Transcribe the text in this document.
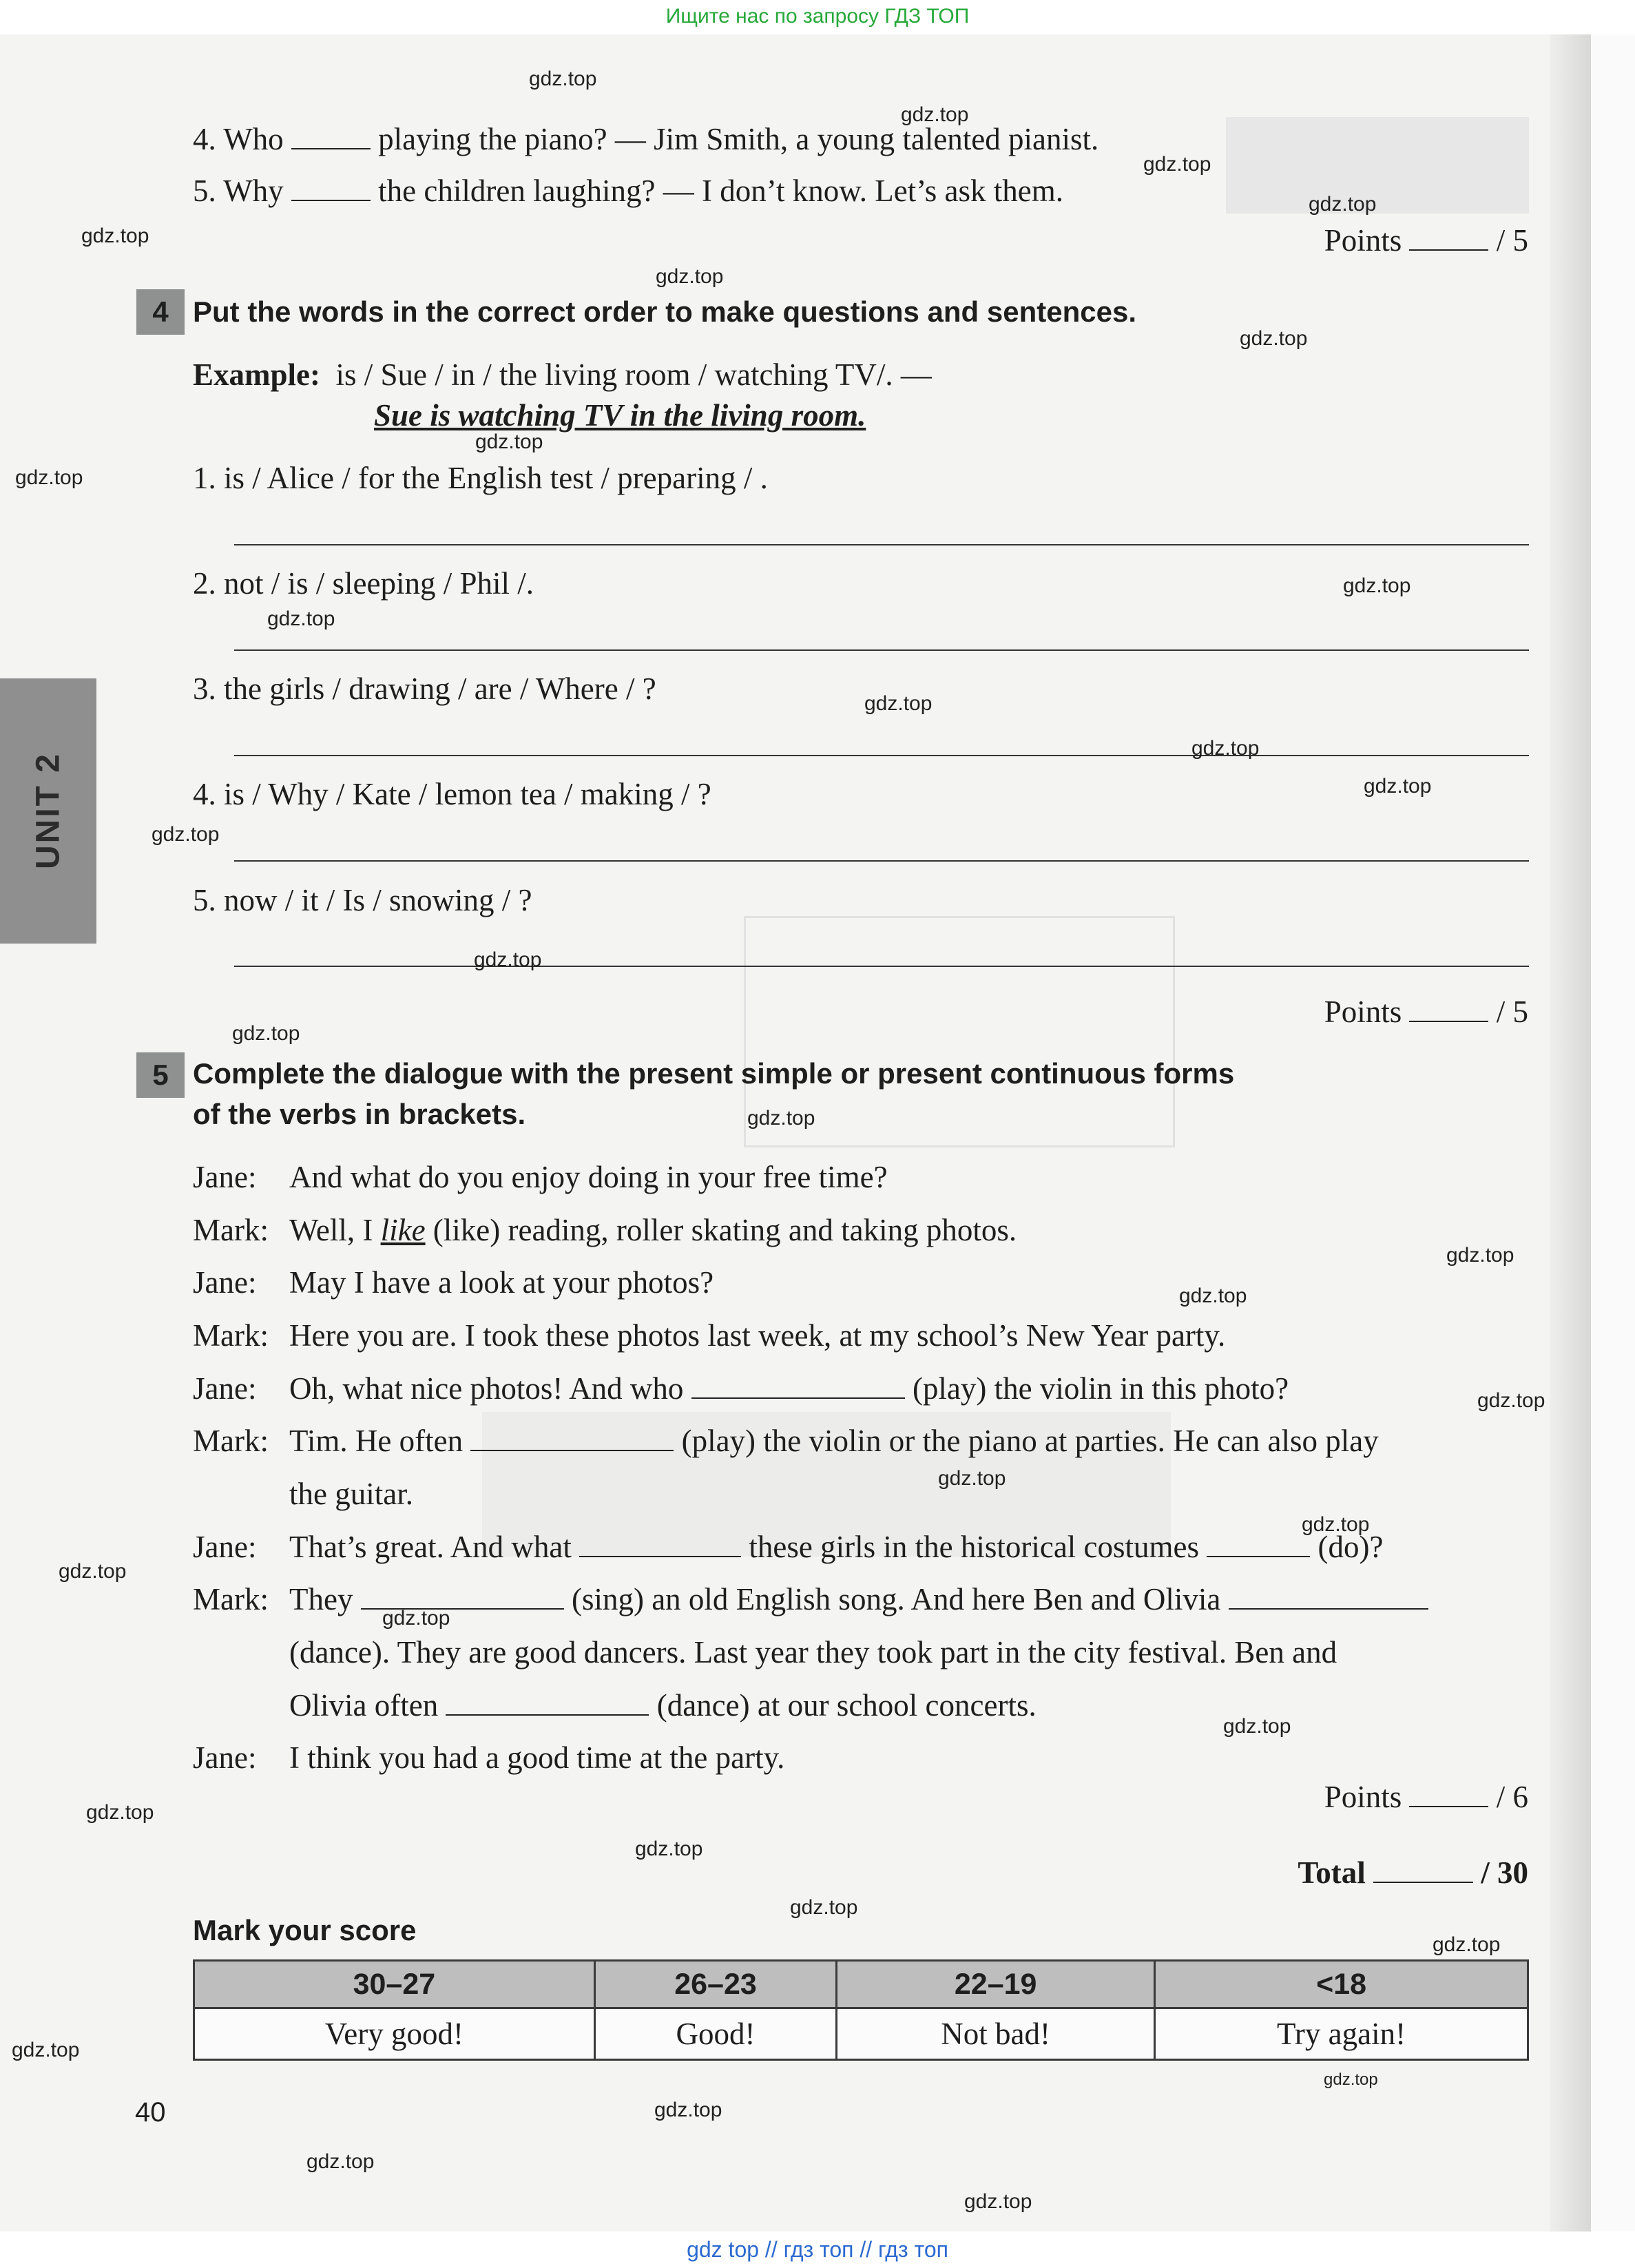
Ищите нас по запросу ГДЗ ТОП
UNIT 2
4. Who	playing the piano? — Jim Smith, a young talented pianist.
5. Why	the children laughing? — I don’t know. Let’s ask them.
Points	/ 5
4 Put the words in the correct order to make questions and sentences.
Example: is / Sue / in / the living room / watching TV/. —
Sue is watching TV in the living room.
1. is / Alice / for the English test / preparing / .
2. not / is / sleeping / Phil /.
3. the girls / drawing / are / Where / ?
4. is / Why / Kate / lemon tea / making / ?
5. now / it / Is / snowing / ?
Points	/ 5
5 Complete the dialogue with the present simple or present continuous forms
of the verbs in brackets.
Jane: And what do you enjoy doing in your free time?
Mark: Well, I like (like) reading, roller skating and taking photos.
Jane: May I have a look at your photos?
Mark: Here you are. I took these photos last week, at my school’s New Year party.
Jane: Oh, what nice photos! And who	(play) the violin in this photo?
Mark: Tim. He often	(play) the violin or the piano at parties. He can also play
the guitar.
Jane: That’s great. And what	these girls in the historical costumes	(do)?
Mark: They	(sing) an old English song. And here Ben and Olivia
(dance). They are good dancers. Last year they took part in the city festival. Ben and
Olivia often	(dance) at our school concerts.
Jane: I think you had a good time at the party.
Points	/ 6
Total	/ 30
Mark your score
30–27	26–23	22–19	<18
Very good!	Good!	Not bad!	Try again!
40
gdz.top
gdz.top
gdz.top
gdz.top
gdz.top
gdz.top
gdz.top
gdz.top
gdz.top
gdz.top
gdz.top
gdz.top
gdz.top
gdz.top
gdz.top
gdz.top
gdz.top
gdz.top
gdz.top
gdz.top
gdz.top
gdz.top
gdz.top
gdz.top
gdz.top
gdz.top
gdz.top
gdz.top
gdz.top
gdz.top
gdz.top
gdz.top
gdz.top
gdz.top
gdz.top
gdz top // гдз топ // гдз топ
